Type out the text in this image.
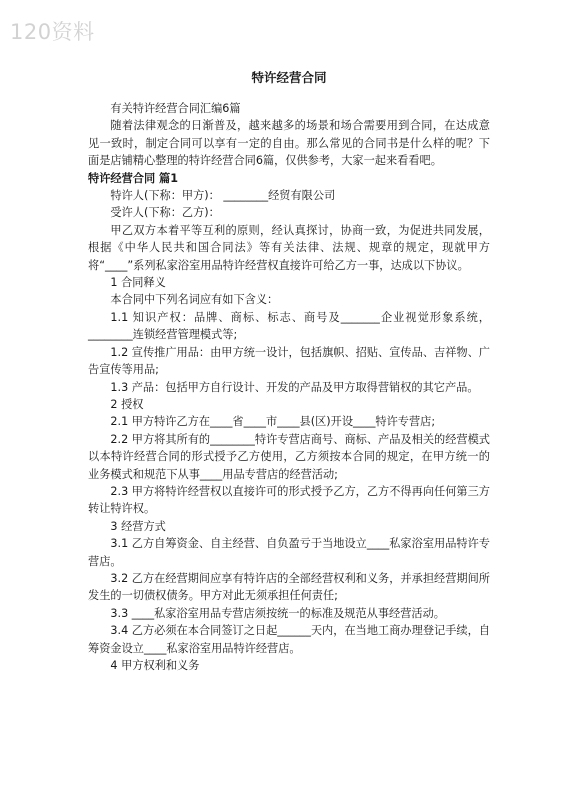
120资料
特许经营合同

有关特许经营合同汇编6篇

随着法律观念的日渐普及，越来越多的场景和场合需要用到合同，在达成意见一致时，制定合同可以享有一定的自由。那么常见的合同书是什么样的呢？下面是店铺精心整理的特许经营合同6篇，仅供参考，大家一起来看看吧。

特许经营合同 篇1

特许人(下称：甲方)： ________经贸有限公司

受许人(下称：乙方)：

甲乙双方本着平等互利的原则，经认真探讨，协商一致，为促进共同发展，根据《中华人民共和国合同法》等有关法律、法规、规章的规定，现就甲方将“____”系列私家浴室用品特许经营权直接许可给乙方一事，达成以下协议。

1 合同释义

本合同中下列名词应有如下含义：

1.1 知识产权：品牌、商标、标志、商号及_______企业视觉形象系统，________连锁经营管理模式等;

1.2 宣传推广用品：由甲方统一设计，包括旗帜、招贴、宣传品、吉祥物、广告宣传等用品;

1.3 产品：包括甲方自行设计、开发的产品及甲方取得营销权的其它产品。

2 授权

2.1 甲方特许乙方在____省____市____县(区)开设____特许专营店;

2.2 甲方将其所有的________特许专营店商号、商标、产品及相关的经营模式以本特许经营合同的形式授予乙方使用，乙方须按本合同的规定，在甲方统一的业务模式和规范下从事____用品专营店的经营活动;

2.3 甲方将特许经营权以直接许可的形式授予乙方，乙方不得再向任何第三方转让特许权。

3 经营方式

3.1 乙方自筹资金、自主经营、自负盈亏于当地设立____私家浴室用品特许专营店。

3.2 乙方在经营期间应享有特许店的全部经营权利和义务，并承担经营期间所发生的一切债权债务。甲方对此无须承担任何责任;

3.3 ____私家浴室用品专营店须按统一的标准及规范从事经营活动。

3.4 乙方必须在本合同签订之日起______天内，在当地工商办理登记手续，自筹资金设立____私家浴室用品特许经营店。

4 甲方权利和义务
